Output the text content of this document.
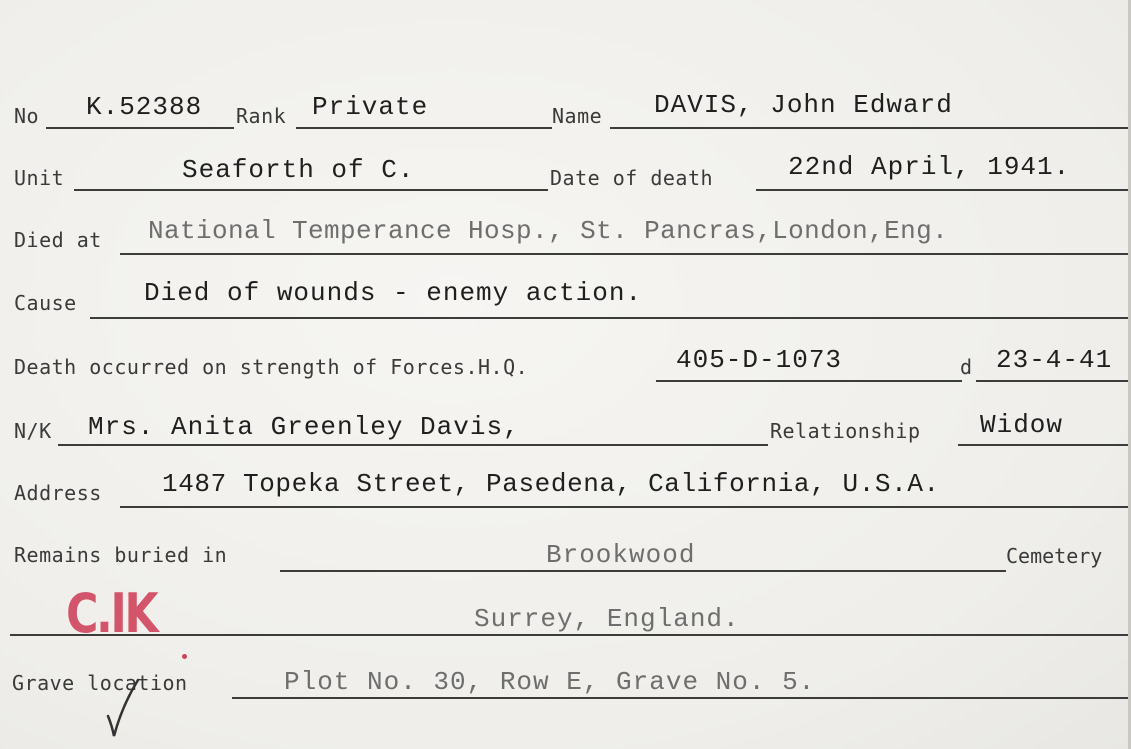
No K.52388 Rank Private	Name DAVIS, John Edward
Unit	Seaforth of C.	Date of death	22nd April, 1941.
Died at National Temperance Hosp., St. Pancras,London,Eng.
Cause	Died of wounds - enemy action.
Death occurred on strength of Forces.H.Q.	405-D-1073	d 23-4-41
N/K Mrs. Anita Greenley Davis,	Relationship Widow
Address 1487 Topeka Street, Pasedena, California, U.S.A.
Remains buried in	Brookwood	Cemetery
Surrey, England.
Grave location	Plot No. 30, Row E, Grave No. 5.
C.IK
